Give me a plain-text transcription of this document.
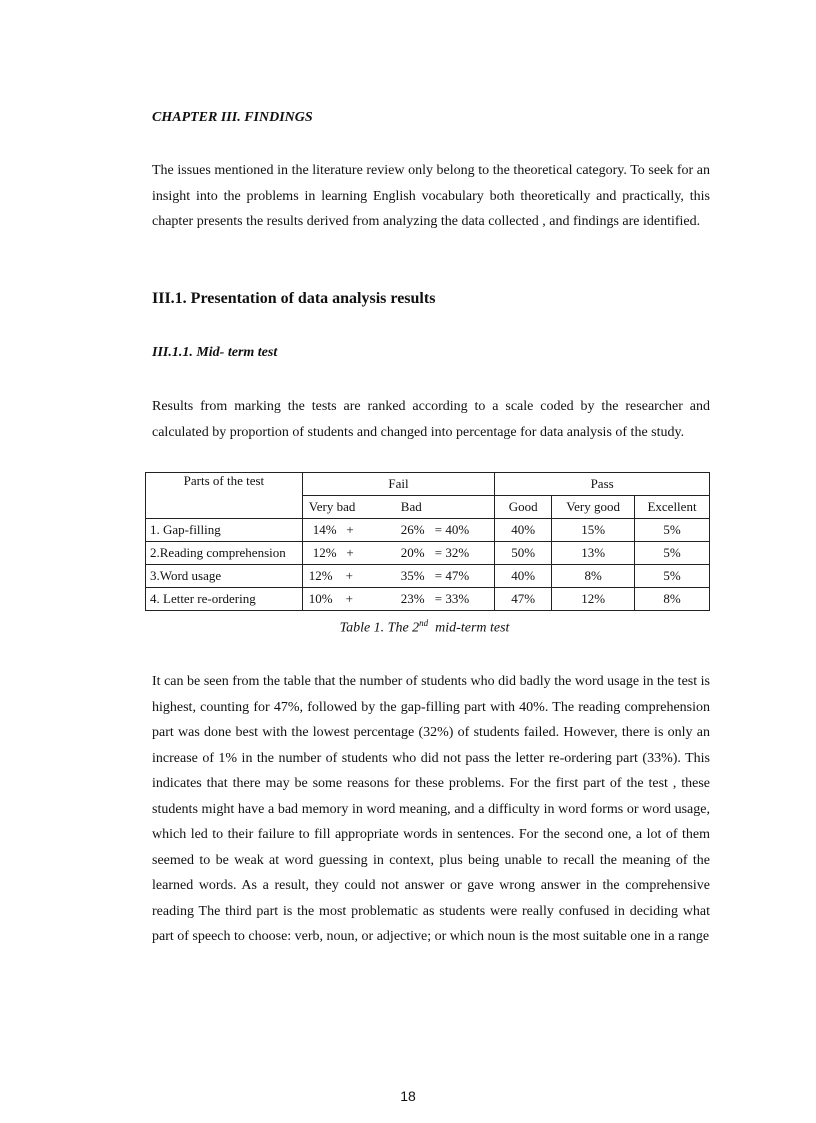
CHAPTER III. FINDINGS

The issues mentioned in the literature review only belong to the theoretical category. To seek for an insight into the problems in learning English vocabulary both theoretically and practically, this chapter presents the results derived from analyzing the data collected , and findings are identified.

III.1. Presentation of data analysis results
III.1.1. Mid- term test

Results from marking the tests are ranked according to a scale coded by the researcher and calculated by proportion of students and changed into percentage for data analysis of the study.

Parts of the test	Fail	Pass		

	Very bad Bad	Good	Very good	Excellent
1. Gap-filling	14%   + 26% = 40%	40%	15%	5%
2.Reading comprehension	12%   + 20% = 32%	50%	13%	5%
3.Word usage	12%    + 35% = 47%	40%	8%	5%
4. Letter re-ordering	10%    + 23% = 33%	47%	12%	8%
Table 1. The 2nd  mid-term test

It can be seen from the table that the number of students who did badly the word usage in the test is highest, counting for 47%, followed by the gap-filling part with 40%. The reading comprehension part was done best with the lowest percentage (32%) of students failed. However, there is only an increase of 1% in the number of students who did not pass the letter re-ordering part (33%). This indicates that there may be some reasons for these problems. For the first part of the test , these students might have a bad memory in word meaning, and a difficulty in word forms or word usage, which led to their failure to fill appropriate words in sentences. For the second one, a lot of them seemed to be weak at word guessing in context, plus being unable to recall the meaning of the learned words. As a result, they could not answer or gave wrong answer in the comprehensive reading The third part is the most problematic as students were really confused in deciding what part of speech to choose: verb, noun, or adjective; or which noun is the most suitable one in a range

18
